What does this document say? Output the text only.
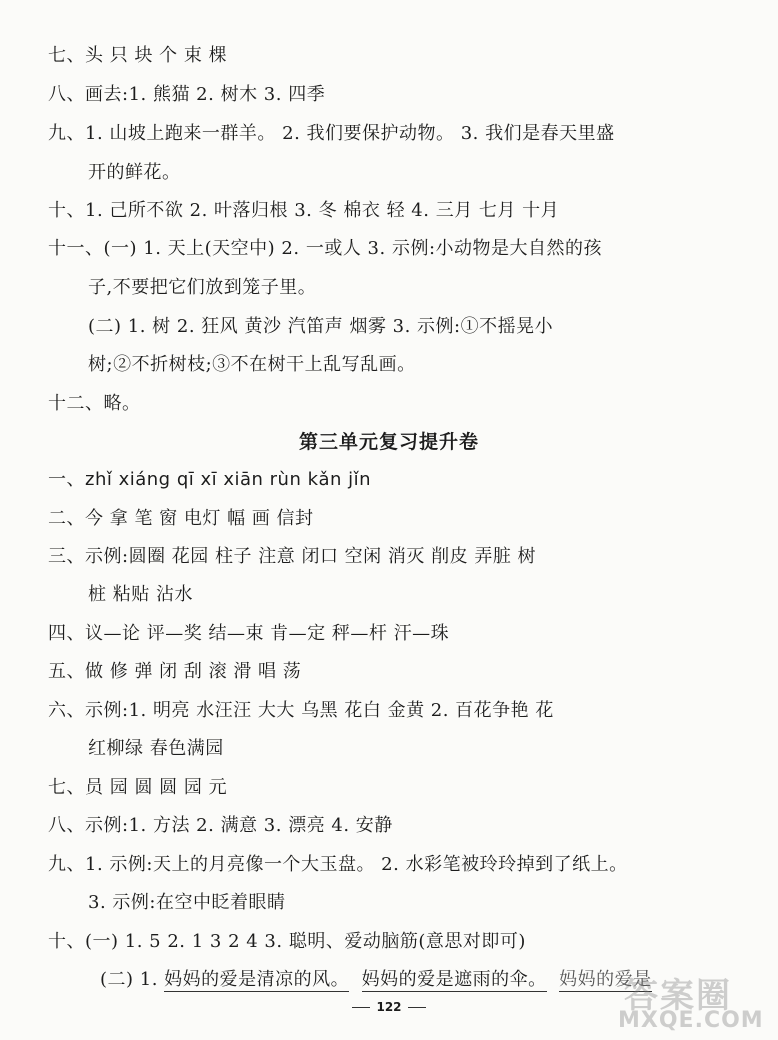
七、头 只 块 个 束 棵
八、画去:1. 熊猫 2. 树木 3. 四季
九、1. 山坡上跑来一群羊。 2. 我们要保护动物。 3. 我们是春天里盛
开的鲜花。
十、1. 己所不欲 2. 叶落归根 3. 冬 棉衣 轻 4. 三月 七月 十月
十一、(一) 1. 天上(天空中) 2. 一或人 3. 示例:小动物是大自然的孩
子,不要把它们放到笼子里。
(二) 1. 树 2. 狂风 黄沙 汽笛声 烟雾 3. 示例:①不摇晃小
树;②不折树枝;③不在树干上乱写乱画。
十二、略。
第三单元复习提升卷
一、zhǐ xiáng qī xī xiān rùn kǎn jǐn
二、今 拿 笔 窗 电灯 幅 画 信封
三、示例:圆圈 花园 柱子 注意 闭口 空闲 消灭 削皮 弄脏 树
桩 粘贴 沾水
四、议—论 评—奖 结—束 肯—定 秤—杆 汗—珠
五、做 修 弹 闭 刮 滚 滑 唱 荡
六、示例:1. 明亮 水汪汪 大大 乌黑 花白 金黄 2. 百花争艳 花
红柳绿 春色满园
七、员 园 圆 圆 园 元
八、示例:1. 方法 2. 满意 3. 漂亮 4. 安静
九、1. 示例:天上的月亮像一个大玉盘。 2. 水彩笔被玲玲掉到了纸上。
3. 示例:在空中眨着眼睛
十、(一) 1. 5 2. 1 3 2 4 3. 聪明、爱动脑筋(意思对即可)
(二) 1. 妈妈的爱是清凉的风。 妈妈的爱是遮雨的伞。 妈妈的爱是
122	答案圈
MXQE.COM
